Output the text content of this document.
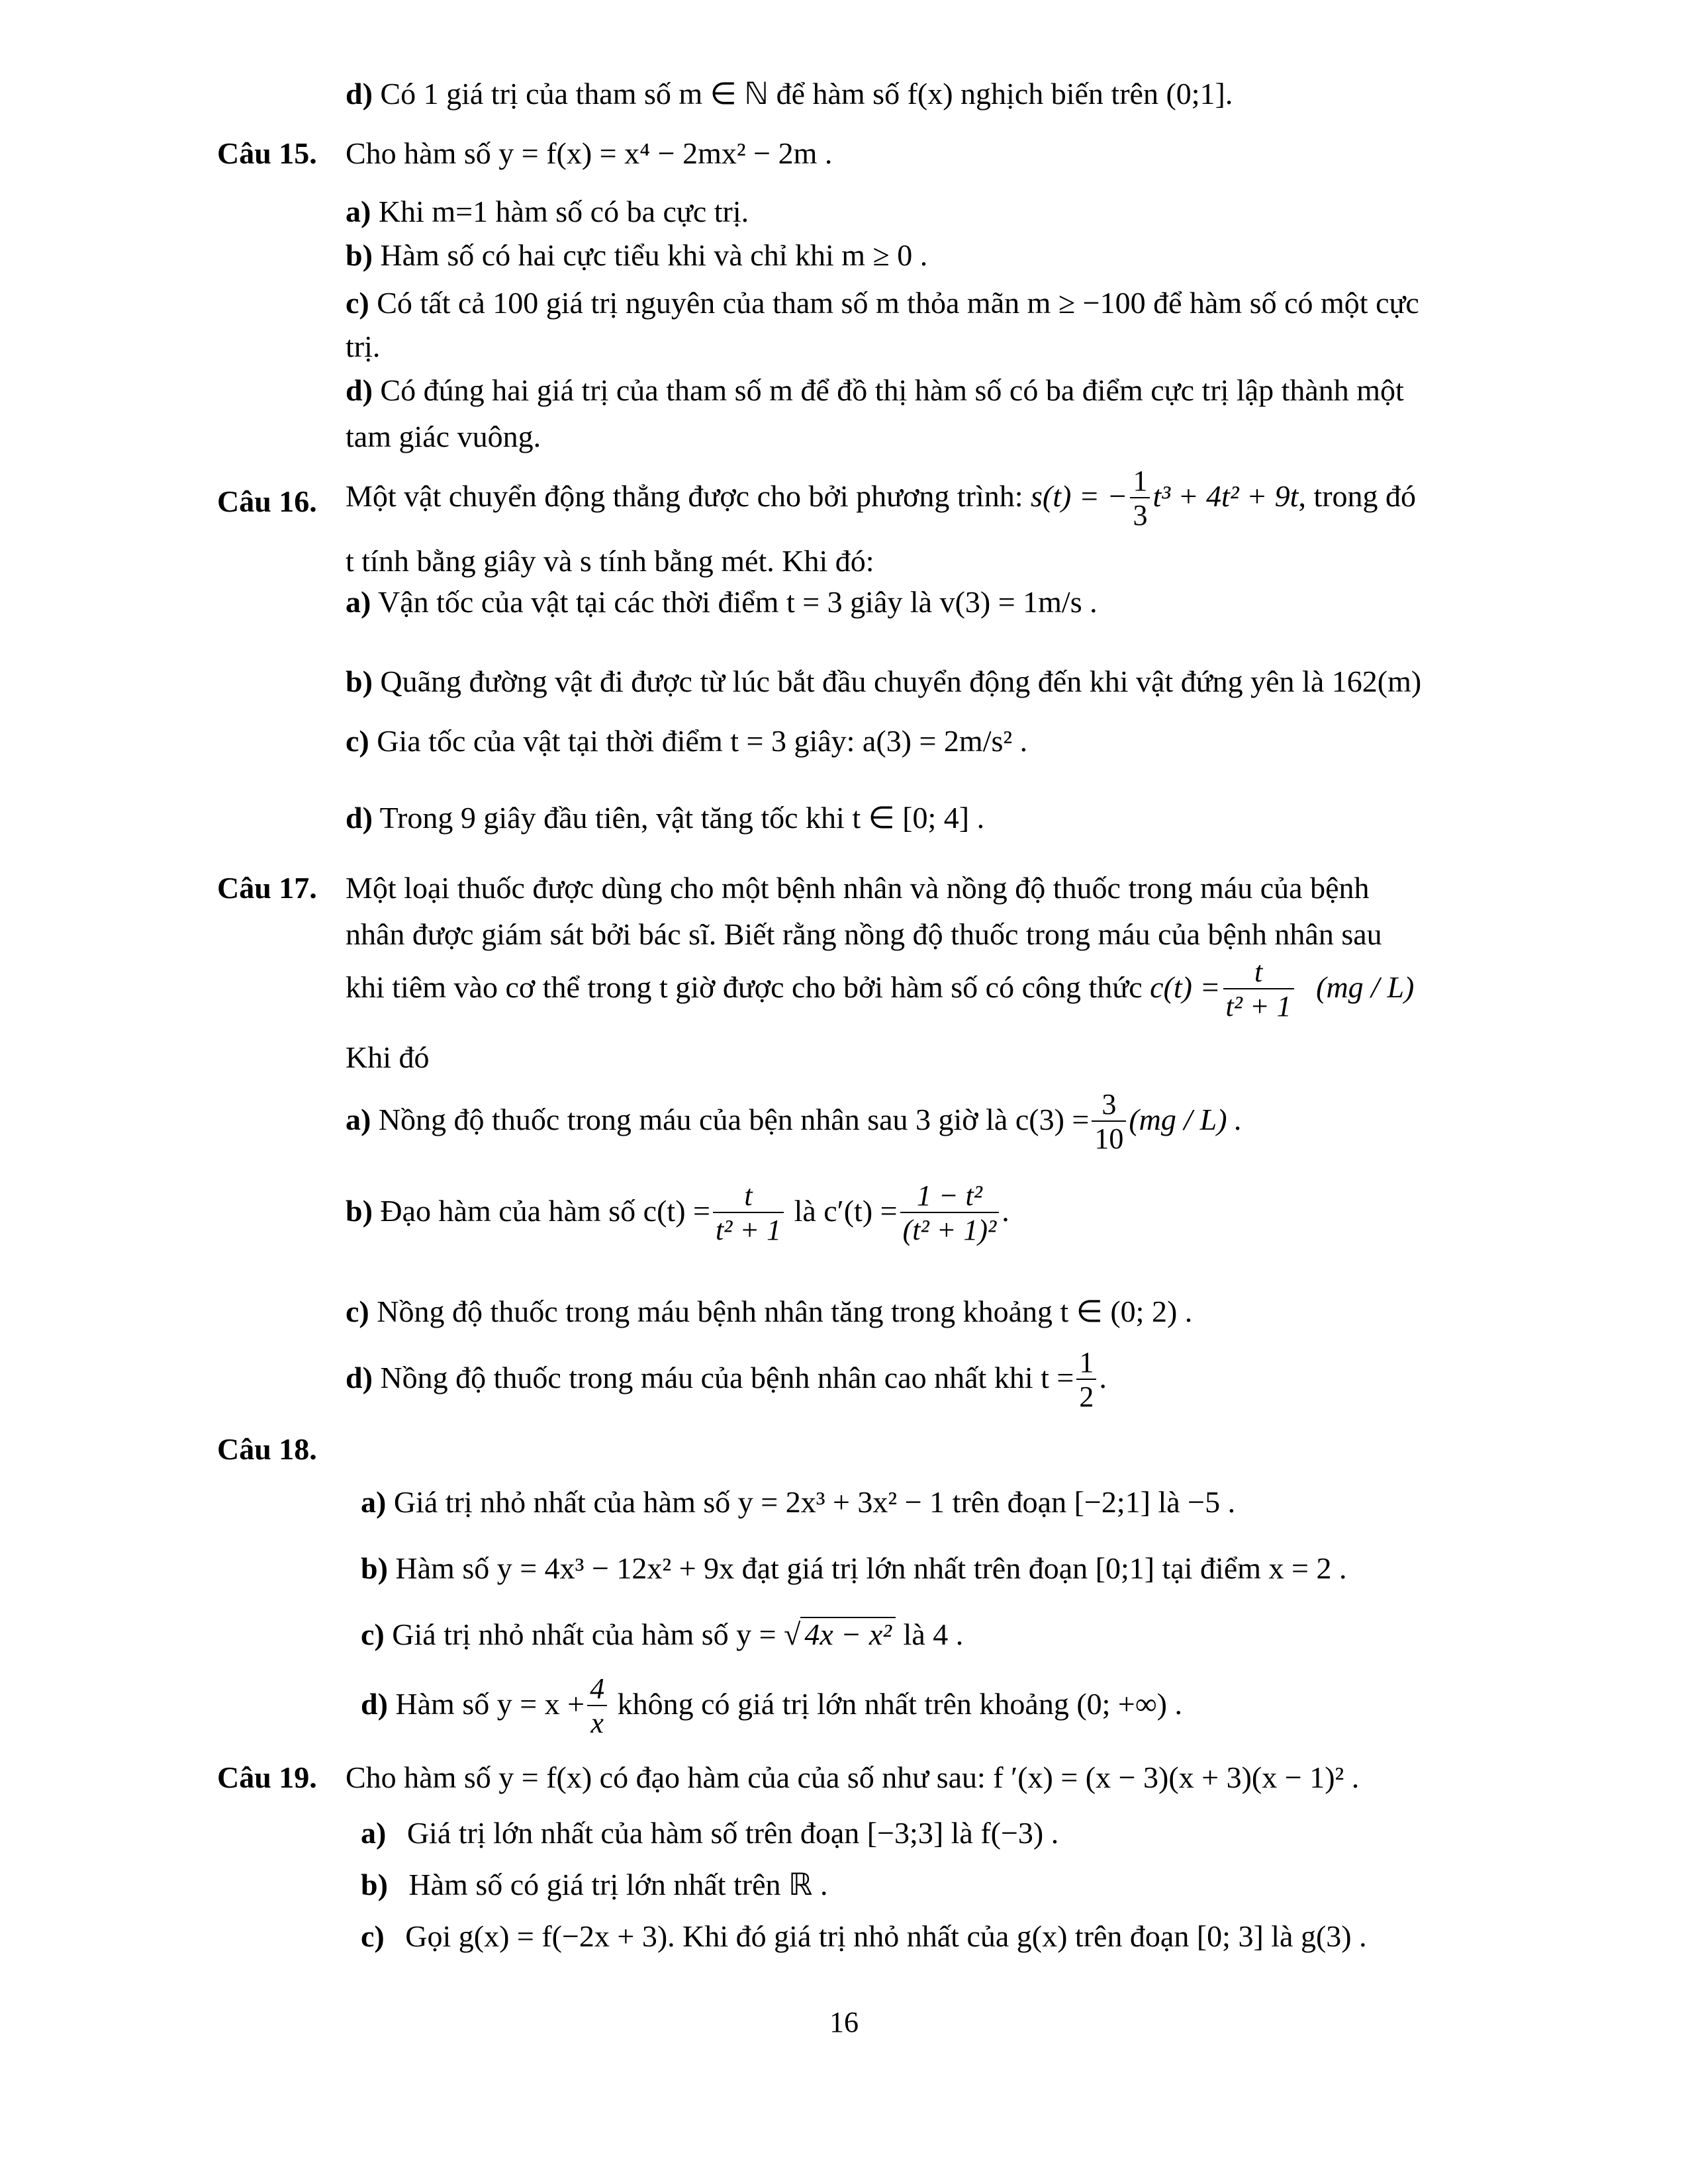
d) Có 1 giá trị của tham số m ∈ ℕ để hàm số f(x) nghịch biến trên (0;1].
Câu 15. Cho hàm số y = f(x) = x⁴ − 2mx² − 2m .
a) Khi m=1 hàm số có ba cực trị.
b) Hàm số có hai cực tiểu khi và chỉ khi m ≥ 0 .
c) Có tất cả 100 giá trị nguyên của tham số m thỏa mãn m ≥ −100 để hàm số có một cực
trị.
d) Có đúng hai giá trị của tham số m để đồ thị hàm số có ba điểm cực trị lập thành một
tam giác vuông.
Câu 16. Một vật chuyển động thẳng được cho bởi phương trình: s(t) = − $\frac{1}{3} t^3 + 4t^2 + 9t$, trong đó
t tính bằng giây và s tính bằng mét. Khi đó:
a) Vận tốc của vật tại các thời điểm t = 3 giây là v(3) = 1m/s .
b) Quãng đường vật đi được từ lúc bắt đầu chuyển động đến khi vật đứng yên là 162(m)
c) Gia tốc của vật tại thời điểm t = 3 giây: a(3) = 2m/s² .
d) Trong 9 giây đầu tiên, vật tăng tốc khi t ∈ [0; 4] .
Câu 17. Một loại thuốc được dùng cho một bệnh nhân và nồng độ thuốc trong máu của bệnh
nhân được giám sát bởi bác sĩ. Biết rằng nồng độ thuốc trong máu của bệnh nhân sau
khi tiêm vào cơ thể trong t giờ được cho bởi hàm số có công thức $c(t) = \frac{t}{\text{t² + 1}} (mg / L)$
Khi đó
a) Nồng độ thuốc trong máu của bện nhân sau 3 giờ là $c(3) = \frac{3}{10} (mg / L)$ .
b) Đạo hàm của hàm số $c(t) = \frac{t}{\text{t² + 1}}$ là $c'(t) = \frac{\text{1 − t²}}{\text{(t² + 1)²}}$ .
c) Nồng độ thuốc trong máu bệnh nhân tăng trong khoảng t ∈ (0; 2) .
d) Nồng độ thuốc trong máu của bệnh nhân cao nhất khi $t = \frac{1}{2}$ .
Câu 18.
a) Giá trị nhỏ nhất của hàm số y = 2x³ + 3x² − 1 trên đoạn [−2;1] là −5 .
b) Hàm số y = 4x³ − 12x² + 9x đạt giá trị lớn nhất trên đoạn [0;1] tại điểm x = 2 .
c) Giá trị nhỏ nhất của hàm số y = √ 4x − x² là 4 .
d) Hàm số $y = x + \frac{4}{x}$ không có giá trị lớn nhất trên khoảng (0; +∞) .
Câu 19. Cho hàm số y = f(x) có đạo hàm của của số như sau: f ′(x) = (x − 3)(x + 3)(x − 1)² .
a) Giá trị lớn nhất của hàm số trên đoạn [−3;3] là f(−3) .
b) Hàm số có giá trị lớn nhất trên ℝ .
c) Gọi g(x) = f(−2x + 3). Khi đó giá trị nhỏ nhất của g(x) trên đoạn [0; 3] là g(3) .
16
